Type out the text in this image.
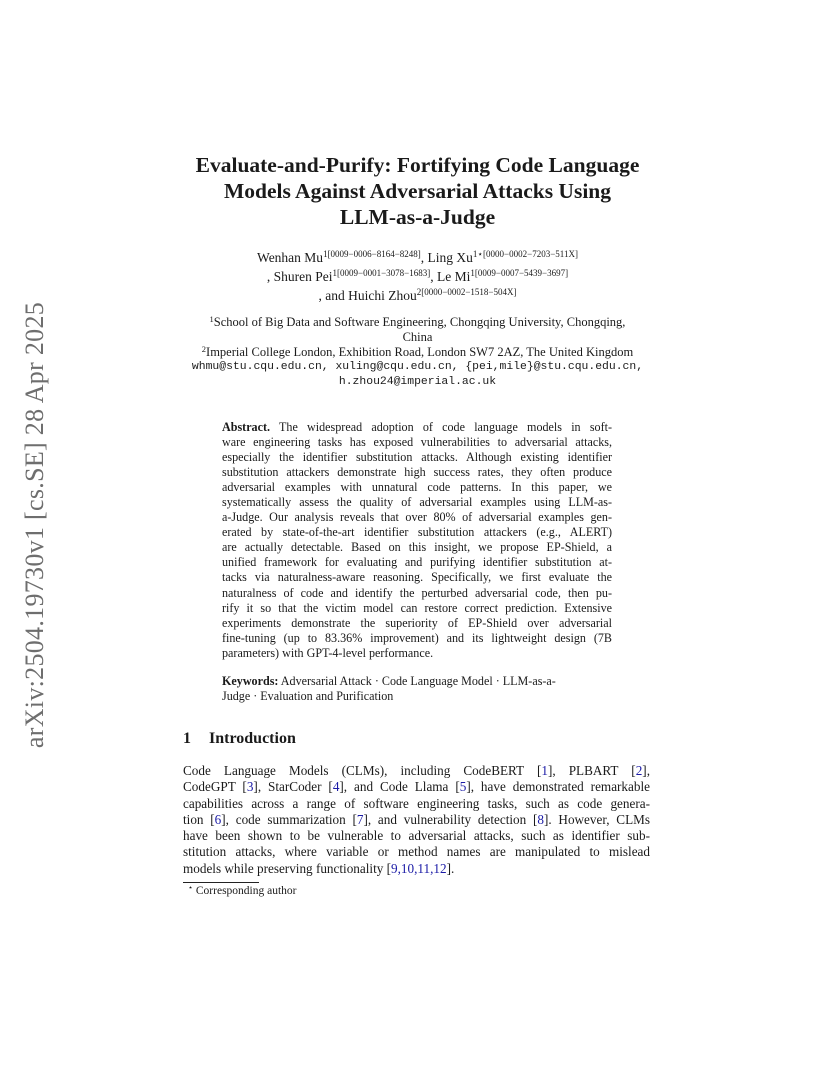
arXiv:2504.19730v1 [cs.SE] 28 Apr 2025
Evaluate-and-Purify: Fortifying Code Language
Models Against Adversarial Attacks Using
LLM-as-a-Judge
Wenhan $Mu^{1[0009-0006-8164-8248]}$, Ling $Xu^{1⋆[0000-0002-7203-511X]}$
, Shuren Pei$^{1[0009-0001-3078-1683]}$, Le $Mi^{1[0009-0007-5439-3697]}$
, and Huichi Zhou$^{2[0000-0002-1518-504X]}$
$^1$School of Big Data and Software Engineering, Chongqing University, Chongqing,
China
$^2$Imperial College London, Exhibition Road, London SW7 2AZ, The United Kingdom
whmu@stu.cqu.edu.cn, xuling@cqu.edu.cn, {pei,mile}@stu.cqu.edu.cn,
h.zhou24@imperial.ac.uk
Abstract. The widespread adoption of code language models in soft-
ware engineering tasks has exposed vulnerabilities to adversarial attacks,
especially the identifier substitution attacks. Although existing identifier
substitution attackers demonstrate high success rates, they often produce
adversarial examples with unnatural code patterns. In this paper, we
systematically assess the quality of adversarial examples using LLM-as-
a-Judge. Our analysis reveals that over 80% of adversarial examples gen-
erated by state-of-the-art identifier substitution attackers (e.g., ALERT)
are actually detectable. Based on this insight, we propose EP-Shield, a
unified framework for evaluating and purifying identifier substitution at-
tacks via naturalness-aware reasoning. Specifically, we first evaluate the
naturalness of code and identify the perturbed adversarial code, then pu-
rify it so that the victim model can restore correct prediction. Extensive
experiments demonstrate the superiority of EP-Shield over adversarial
fine-tuning (up to 83.36% improvement) and its lightweight design (7B
parameters) with GPT-4-level performance.
Keywords: Adversarial Attack · Code Language Model · LLM-as-a-
Judge · Evaluation and Purification
1 Introduction
Code Language Models (CLMs), including CodeBERT [1], PLBART [2],
CodeGPT [3], StarCoder [4], and Code Llama [5], have demonstrated remarkable
capabilities across a range of software engineering tasks, such as code genera-
tion [6], code summarization [7], and vulnerability detection [8]. However, CLMs
have been shown to be vulnerable to adversarial attacks, such as identifier sub-
stitution attacks, where variable or method names are manipulated to mislead
models while preserving functionality [9,10,11,12].
⋆ Corresponding author
